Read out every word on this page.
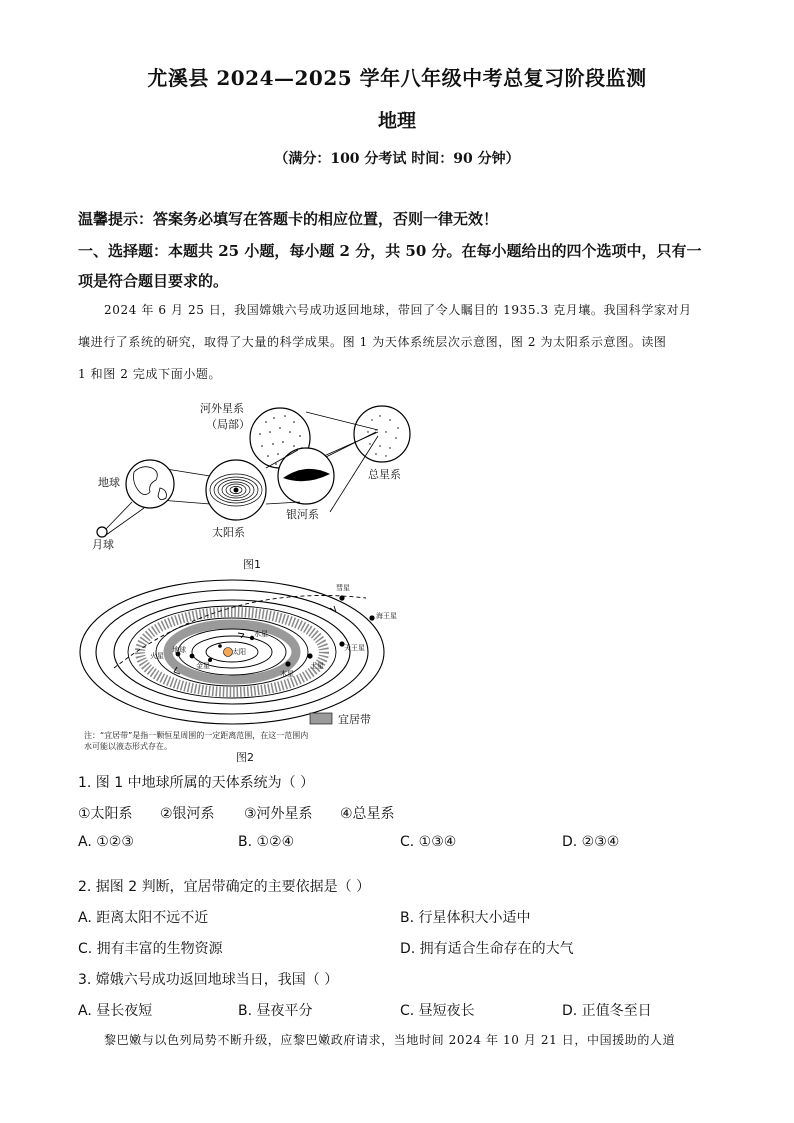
尤溪县 2024—2025 学年八年级中考总复习阶段监测
地理
（满分：100 分考试 时间：90 分钟）
温馨提示：答案务必填写在答题卡的相应位置，否则一律无效！
一、选择题：本题共 25 小题，每小题 2 分，共 50 分。在每小题给出的四个选项中，只有一
项是符合题目要求的。
2024 年 6 月 25 日，我国嫦娥六号成功返回地球，带回了令人瞩目的 1935.3 克月壤。我国科学家对月
壤进行了系统的研究，取得了大量的科学成果。图 1 为天体系统层次示意图，图 2 为太阳系示意图。读图
1 和图 2 完成下面小题。
河外星系
（局部）
总星系
地球
太阳系
银河系
月球
图1
彗星
海王星
天王星
土星
木星
火星
地球
金星
水星
太阳
宜居带
注：“宜居带”是指一颗恒星周围的一定距离范围，在这一范围内
水可能以液态形式存在。
图2
1. 图 1 中地球所属的天体系统为（ ）
①太阳系 ②银河系 ③河外星系 ④总星系
A. ①②③	B. ①②④	C. ①③④	D. ②③④
2. 据图 2 判断，宜居带确定的主要依据是（ ）
A. 距离太阳不远不近	B. 行星体积大小适中
C. 拥有丰富的生物资源	D. 拥有适合生命存在的大气
3. 嫦娥六号成功返回地球当日，我国（ ）
A. 昼长夜短	B. 昼夜平分	C. 昼短夜长	D. 正值冬至日
黎巴嫩与以色列局势不断升级，应黎巴嫩政府请求，当地时间 2024 年 10 月 21 日，中国援助的人道
